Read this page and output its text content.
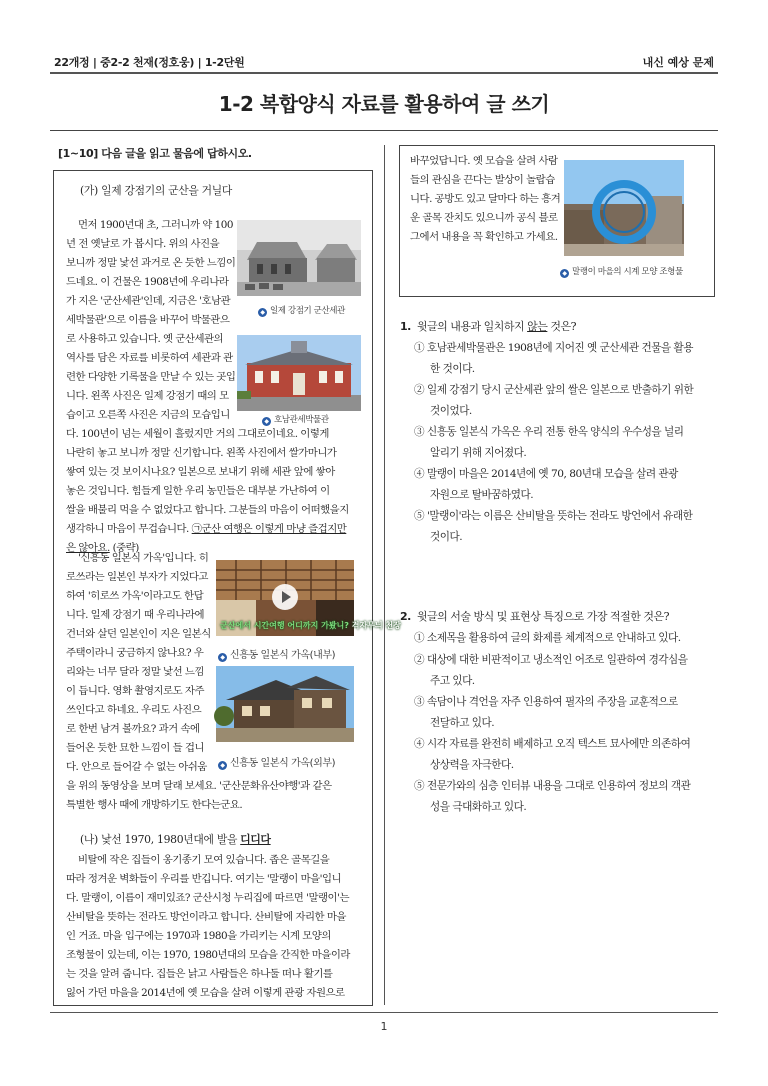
22개정 | 중2-2 천재(정호웅) | 1-2단원	내신 예상 문제
1-2 복합양식 자료를 활용하여 글 쓰기
[1~10] 다음 글을 읽고 물음에 답하시오.
(가) 일제 강점기의 군산을 거닐다
먼저 1900년대 초, 그러니까 약 100
년 전 옛날로 가 봅시다. 위의 사진을
보니까 정말 낯선 과거로 온 듯한 느낌이
드네요. 이 건물은 1908년에 우리나라
가 지은 '군산세관'인데, 지금은 '호남관
세박물관'으로 이름을 바꾸어 박물관으
로 사용하고 있습니다. 옛 군산세관의
역사를 담은 자료를 비롯하여 세관과 관
련한 다양한 기록물을 만날 수 있는 곳입
니다. 왼쪽 사진은 일제 강점기 때의 모
습이고 오른쪽 사진은 지금의 모습입니
◆ 일제 강점기 군산세관
◆ 호남관세박물관
다. 100년이 넘는 세월이 흘렀지만 거의 그대로이네요. 이렇게
나란히 놓고 보니까 정말 신기합니다. 왼쪽 사진에서 쌀가마니가
쌓여 있는 것 보이시나요? 일본으로 보내기 위해 세관 앞에 쌓아
놓은 것입니다. 힘들게 일한 우리 농민들은 대부분 가난하여 이
쌀을 배불리 먹을 수 없었다고 합니다. 그분들의 마음이 어떠했을지
생각하니 마음이 무겁습니다. ㉠군산 여행은 이렇게 마냥 즐겁지만
은 않아요. (중략)
'신흥동 일본식 가옥'입니다. 히
로쓰라는 일본인 부자가 지었다고
하여 '히로쓰 가옥'이라고도 한답
니다. 일제 강점기 때 우리나라에
건너와 살던 일본인이 지은 일본식
주택이라니 궁금하지 않나요? 우
리와는 너무 달라 정말 낯선 느낌
이 듭니다. 영화 촬영지로도 자주
쓰인다고 하네요. 우리도 사진으
로 한번 남겨 볼까요? 과거 속에
들어온 듯한 묘한 느낌이 들 겁니
다. 안으로 들어갈 수 없는 아쉬움
군산에서 시간여행 어디까지 가봤니? 격자무늬 천장
◆ 신흥동 일본식 가옥(내부)
◆ 신흥동 일본식 가옥(외부)
을 위의 동영상을 보며 달래 보세요. '군산문화유산야행'과 같은
특별한 행사 때에 개방하기도 한다는군요.
(나) 낯선 1970, 1980년대에 발을 디디다
비탈에 작은 집들이 옹기종기 모여 있습니다. 좁은 골목길을
따라 정겨운 벽화들이 우리를 반깁니다. 여기는 '말랭이 마을'입니
다. 말랭이, 이름이 재미있죠? 군산시청 누리집에 따르면 '말랭이'는
산비탈을 뜻하는 전라도 방언이라고 합니다. 산비탈에 자리한 마을
인 거죠. 마을 입구에는 1970과 1980을 가리키는 시계 모양의
조형물이 있는데, 이는 1970, 1980년대의 모습을 간직한 마을이라
는 것을 알려 줍니다. 집들은 낡고 사람들은 하나둘 떠나 활기를
잃어 가던 마을을 2014년에 옛 모습을 살려 이렇게 관광 자원으로
바꾸었답니다. 옛 모습을 살려 사람
들의 관심을 끈다는 발상이 놀랍습
니다. 공방도 있고 달마다 하는 흥겨
운 골목 잔치도 있으니까 공식 블로
그에서 내용을 꼭 확인하고 가세요.
◆ 말랭이 마을의 시계 모양 조형물
1. 윗글의 내용과 일치하지 않는 것은?
① 호남관세박물관은 1908년에 지어진 옛 군산세관 건물을 활용
한 것이다.
② 일제 강점기 당시 군산세관 앞의 쌀은 일본으로 반출하기 위한
것이었다.
③ 신흥동 일본식 가옥은 우리 전통 한옥 양식의 우수성을 널리
알리기 위해 지어졌다.
④ 말랭이 마을은 2014년에 옛 70, 80년대 모습을 살려 관광
자원으로 탈바꿈하였다.
⑤ '말랭이'라는 이름은 산비탈을 뜻하는 전라도 방언에서 유래한
것이다.
2. 윗글의 서술 방식 및 표현상 특징으로 가장 적절한 것은?
① 소제목을 활용하여 글의 화제를 체계적으로 안내하고 있다.
② 대상에 대한 비판적이고 냉소적인 어조로 일관하여 경각심을
주고 있다.
③ 속담이나 격언을 자주 인용하여 필자의 주장을 교훈적으로
전달하고 있다.
④ 시각 자료를 완전히 배제하고 오직 텍스트 묘사에만 의존하여
상상력을 자극한다.
⑤ 전문가와의 심층 인터뷰 내용을 그대로 인용하여 정보의 객관
성을 극대화하고 있다.
1
